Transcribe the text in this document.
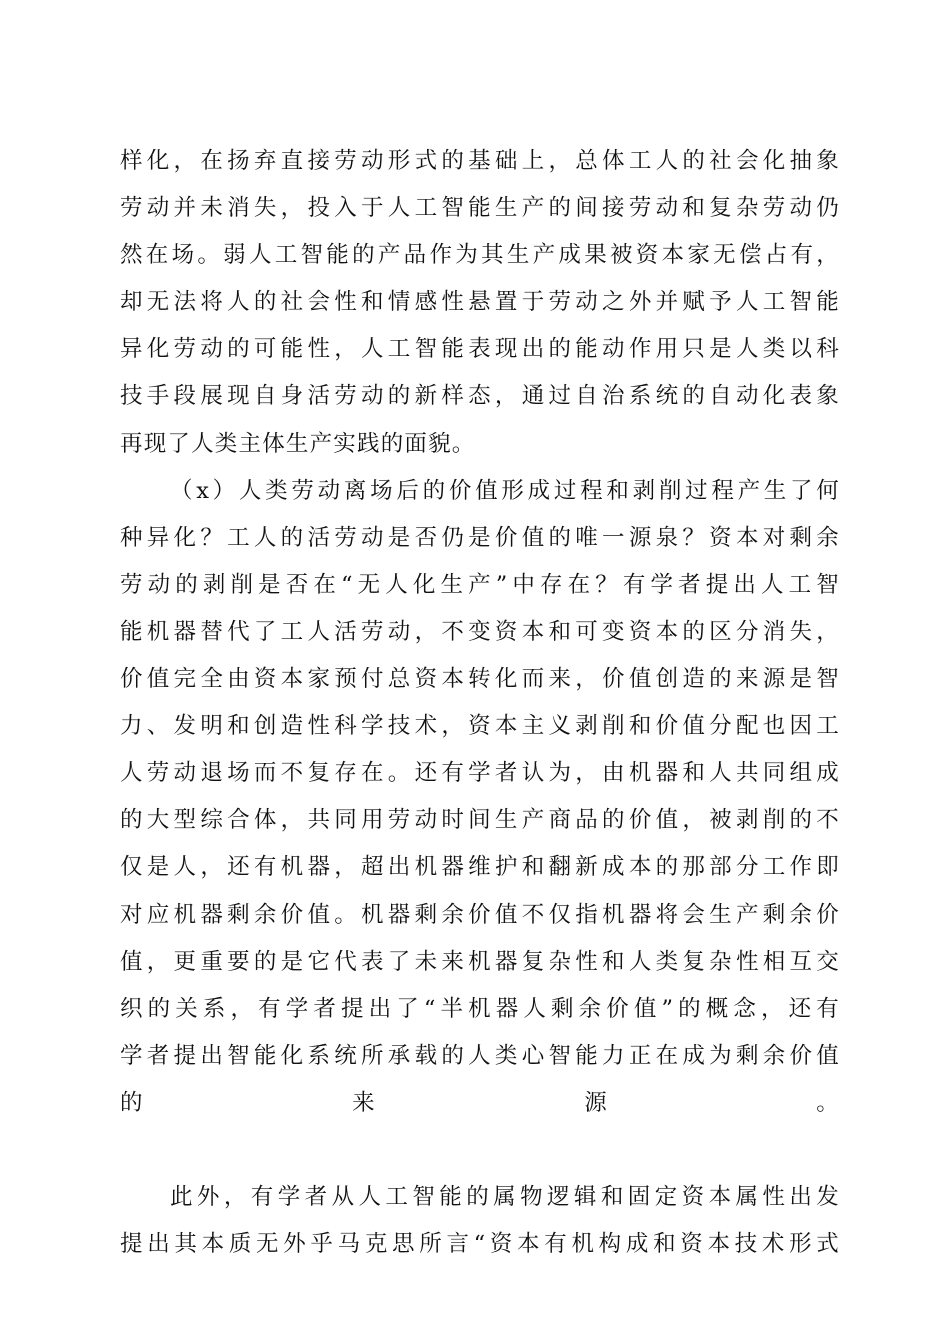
样化，在扬弃直接劳动形式的基础上，总体工人的社会化抽象
劳动并未消失，投入于人工智能生产的间接劳动和复杂劳动仍
然在场。弱人工智能的产品作为其生产成果被资本家无偿占有，
却无法将人的社会性和情感性悬置于劳动之外并赋予人工智能
异化劳动的可能性，人工智能表现出的能动作用只是人类以科
技手段展现自身活劳动的新样态，通过自治系统的自动化表象
再现了人类主体生产实践的面貌。
（x）人类劳动离场后的价值形成过程和剥削过程产生了何
种异化？工人的活劳动是否仍是价值的唯一源泉？资本对剩余
劳动的剥削是否在“无人化生产”中存在？有学者提出人工智
能机器替代了工人活劳动，不变资本和可变资本的区分消失，
价值完全由资本家预付总资本转化而来，价值创造的来源是智
力、发明和创造性科学技术，资本主义剥削和价值分配也因工
人劳动退场而不复存在。还有学者认为，由机器和人共同组成
的大型综合体，共同用劳动时间生产商品的价值，被剥削的不
仅是人，还有机器，超出机器维护和翻新成本的那部分工作即
对应机器剩余价值。机器剩余价值不仅指机器将会生产剩余价
值，更重要的是它代表了未来机器复杂性和人类复杂性相互交
织的关系，有学者提出了“半机器人剩余价值”的概念，还有
学者提出智能化系统所承载的人类心智能力正在成为剩余价值
的来源。
此外，有学者从人工智能的属物逻辑和固定资本属性出发
提出其本质无外乎马克思所言“资本有机构成和资本技术形式
